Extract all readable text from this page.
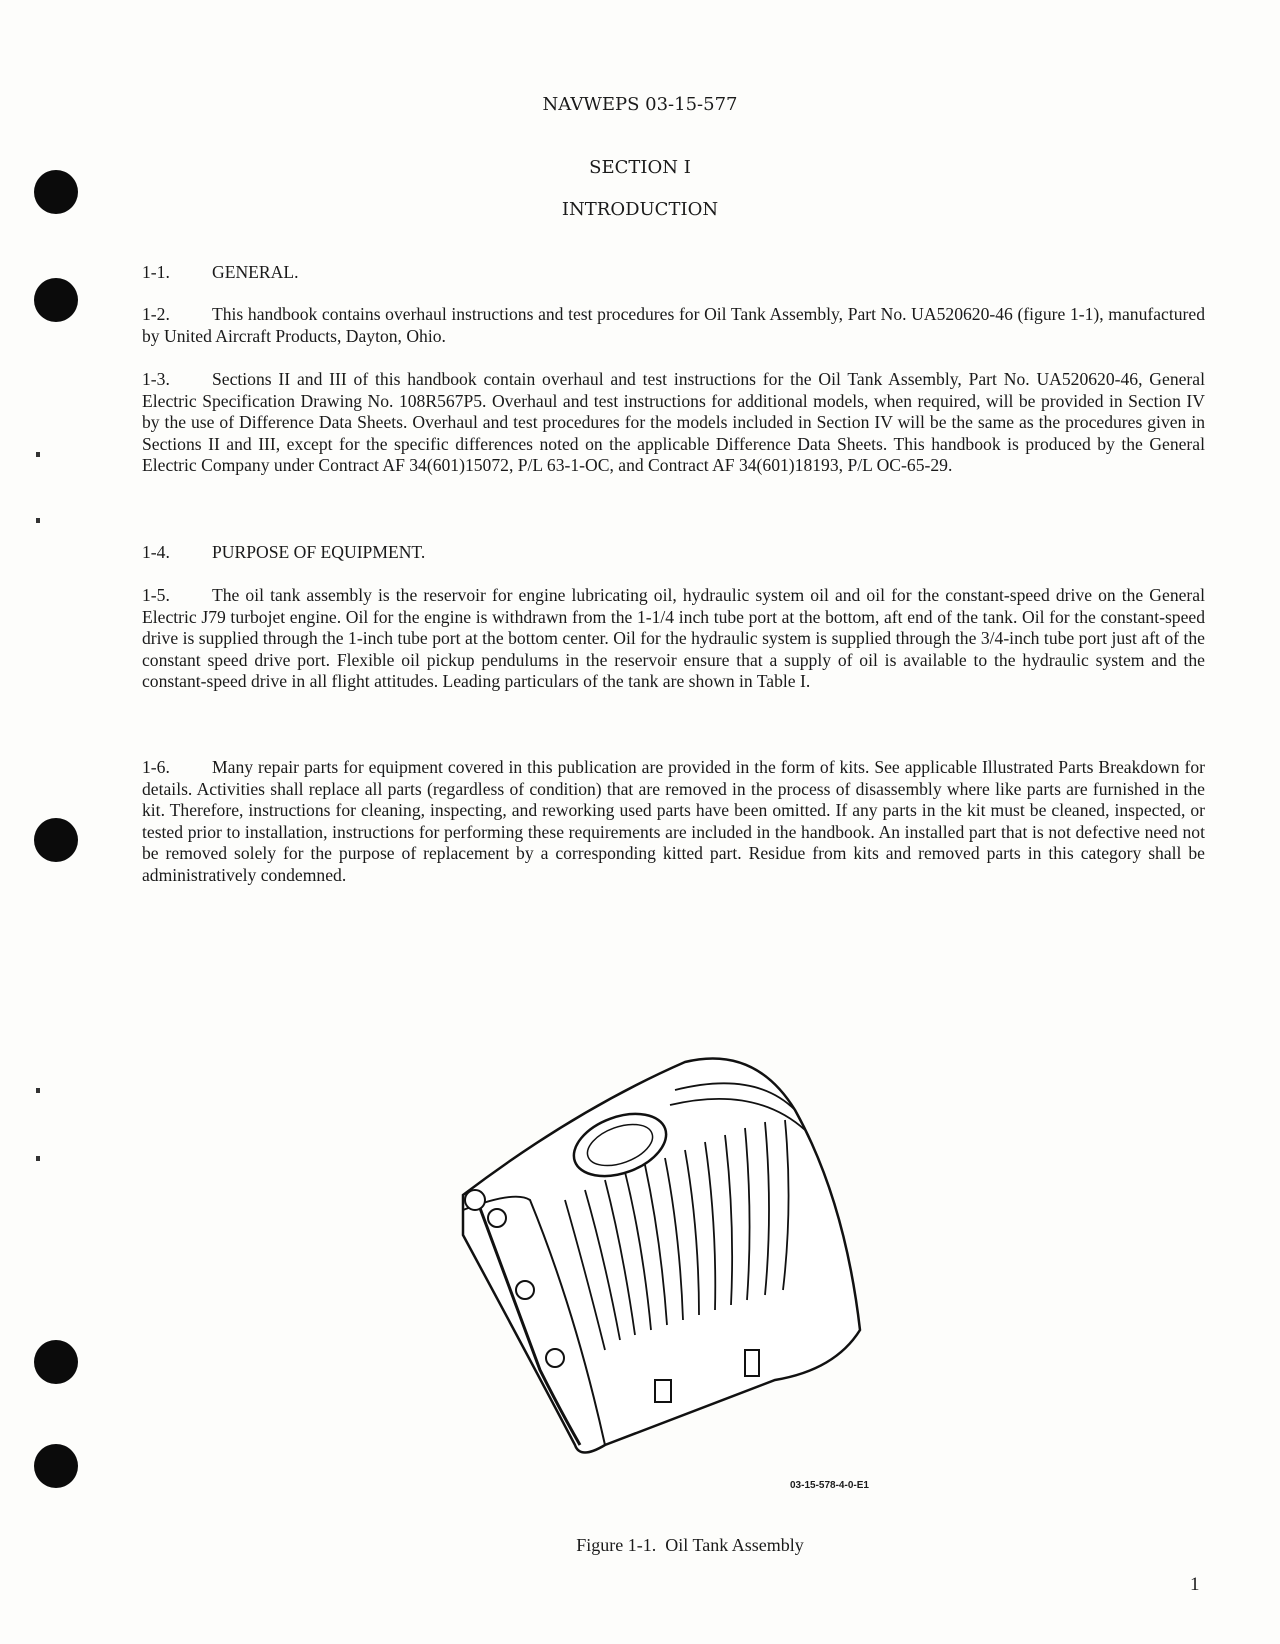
NAVWEPS 03-15-577
SECTION I
INTRODUCTION
1-1. GENERAL.
1-2. This handbook contains overhaul instructions and test procedures for Oil Tank Assembly, Part No. UA520620-46 (figure 1-1), manufactured by United Aircraft Products, Dayton, Ohio.
1-3. Sections II and III of this handbook contain overhaul and test instructions for the Oil Tank Assembly, Part No. UA520620-46, General Electric Specification Drawing No. 108R567P5. Overhaul and test instructions for additional models, when required, will be provided in Section IV by the use of Difference Data Sheets. Overhaul and test procedures for the models included in Section IV will be the same as the procedures given in Sections II and III, except for the specific differences noted on the applicable Difference Data Sheets. This handbook is produced by the General Electric Company under Contract AF 34(601)15072, P/L 63-1-OC, and Contract AF 34(601)18193, P/L OC-65-29.
1-4. PURPOSE OF EQUIPMENT.
1-5. The oil tank assembly is the reservoir for engine lubricating oil, hydraulic system oil and oil for the constant-speed drive on the General Electric J79 turbojet engine. Oil for the engine is withdrawn from the 1-1/4 inch tube port at the bottom, aft end of the tank. Oil for the constant-speed drive is supplied through the 1-inch tube port at the bottom center. Oil for the hydraulic system is supplied through the 3/4-inch tube port just aft of the constant speed drive port. Flexible oil pickup pendulums in the reservoir ensure that a supply of oil is available to the hydraulic system and the constant-speed drive in all flight attitudes. Leading particulars of the tank are shown in Table I.
1-6. Many repair parts for equipment covered in this publication are provided in the form of kits. See applicable Illustrated Parts Breakdown for details. Activities shall replace all parts (regardless of condition) that are removed in the process of disassembly where like parts are furnished in the kit. Therefore, instructions for cleaning, inspecting, and reworking used parts have been omitted. If any parts in the kit must be cleaned, inspected, or tested prior to installation, instructions for performing these requirements are included in the handbook. An installed part that is not defective need not be removed solely for the purpose of replacement by a corresponding kitted part. Residue from kits and removed parts in this category shall be administratively condemned.
03-15-578-4-0-E1
Figure 1-1.  Oil Tank Assembly
1
